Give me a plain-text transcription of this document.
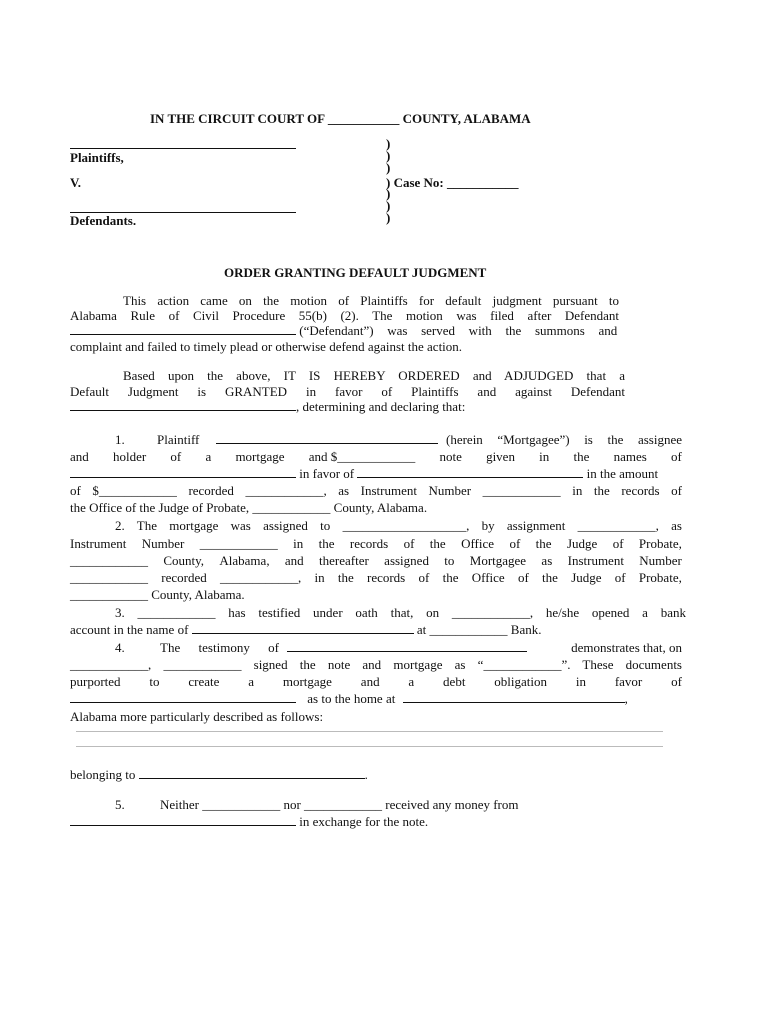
IN THE CIRCUIT COURT OF ___________ COUNTY, ALABAMA
Plaintiffs,
V.
Defendants.
)
)
)
) Case No: ___________
)
)
)
ORDER GRANTING DEFAULT JUDGMENT
This action came on the motion of Plaintiffs for default judgment pursuant to
Alabama Rule of Civil Procedure 55(b) (2). The motion was filed after Defendant
(“Defendant”) was served with the summons and
complaint and failed to timely plead or otherwise defend against the action.
Based upon the above, IT IS HEREBY ORDERED and ADJUDGED that a
Default Judgment is GRANTED in favor of Plaintiffs and against Defendant
, determining and declaring that:
1. Plaintiff	(herein “Mortgagee”) is the assignee
and holder of a mortgage and $____________ note given in the names of
in favor of	in the amount
of $____________ recorded ____________, as Instrument Number ____________ in the records of
the Office of the Judge of Probate, ____________ County, Alabama.
2. The mortgage was assigned to ___________________, by assignment ____________, as
Instrument Number ____________ in the records of the Office of the Judge of Probate,
____________ County, Alabama, and thereafter assigned to Mortgagee as Instrument Number
____________ recorded ____________, in the records of the Office of the Judge of Probate,
____________ County, Alabama.
3. ____________ has testified under oath that, on ____________, he/she opened a bank
account in the name of	at ____________ Bank.
4.	The testimony of	demonstrates that, on
____________, ____________ signed the note and mortgage as “____________”. These documents
purported to create a mortgage and a debt obligation in favor of
as to the home at	,
Alabama more particularly described as follows:
belonging to	.
5.	Neither ____________ nor ____________ received any money from
in exchange for the note.
